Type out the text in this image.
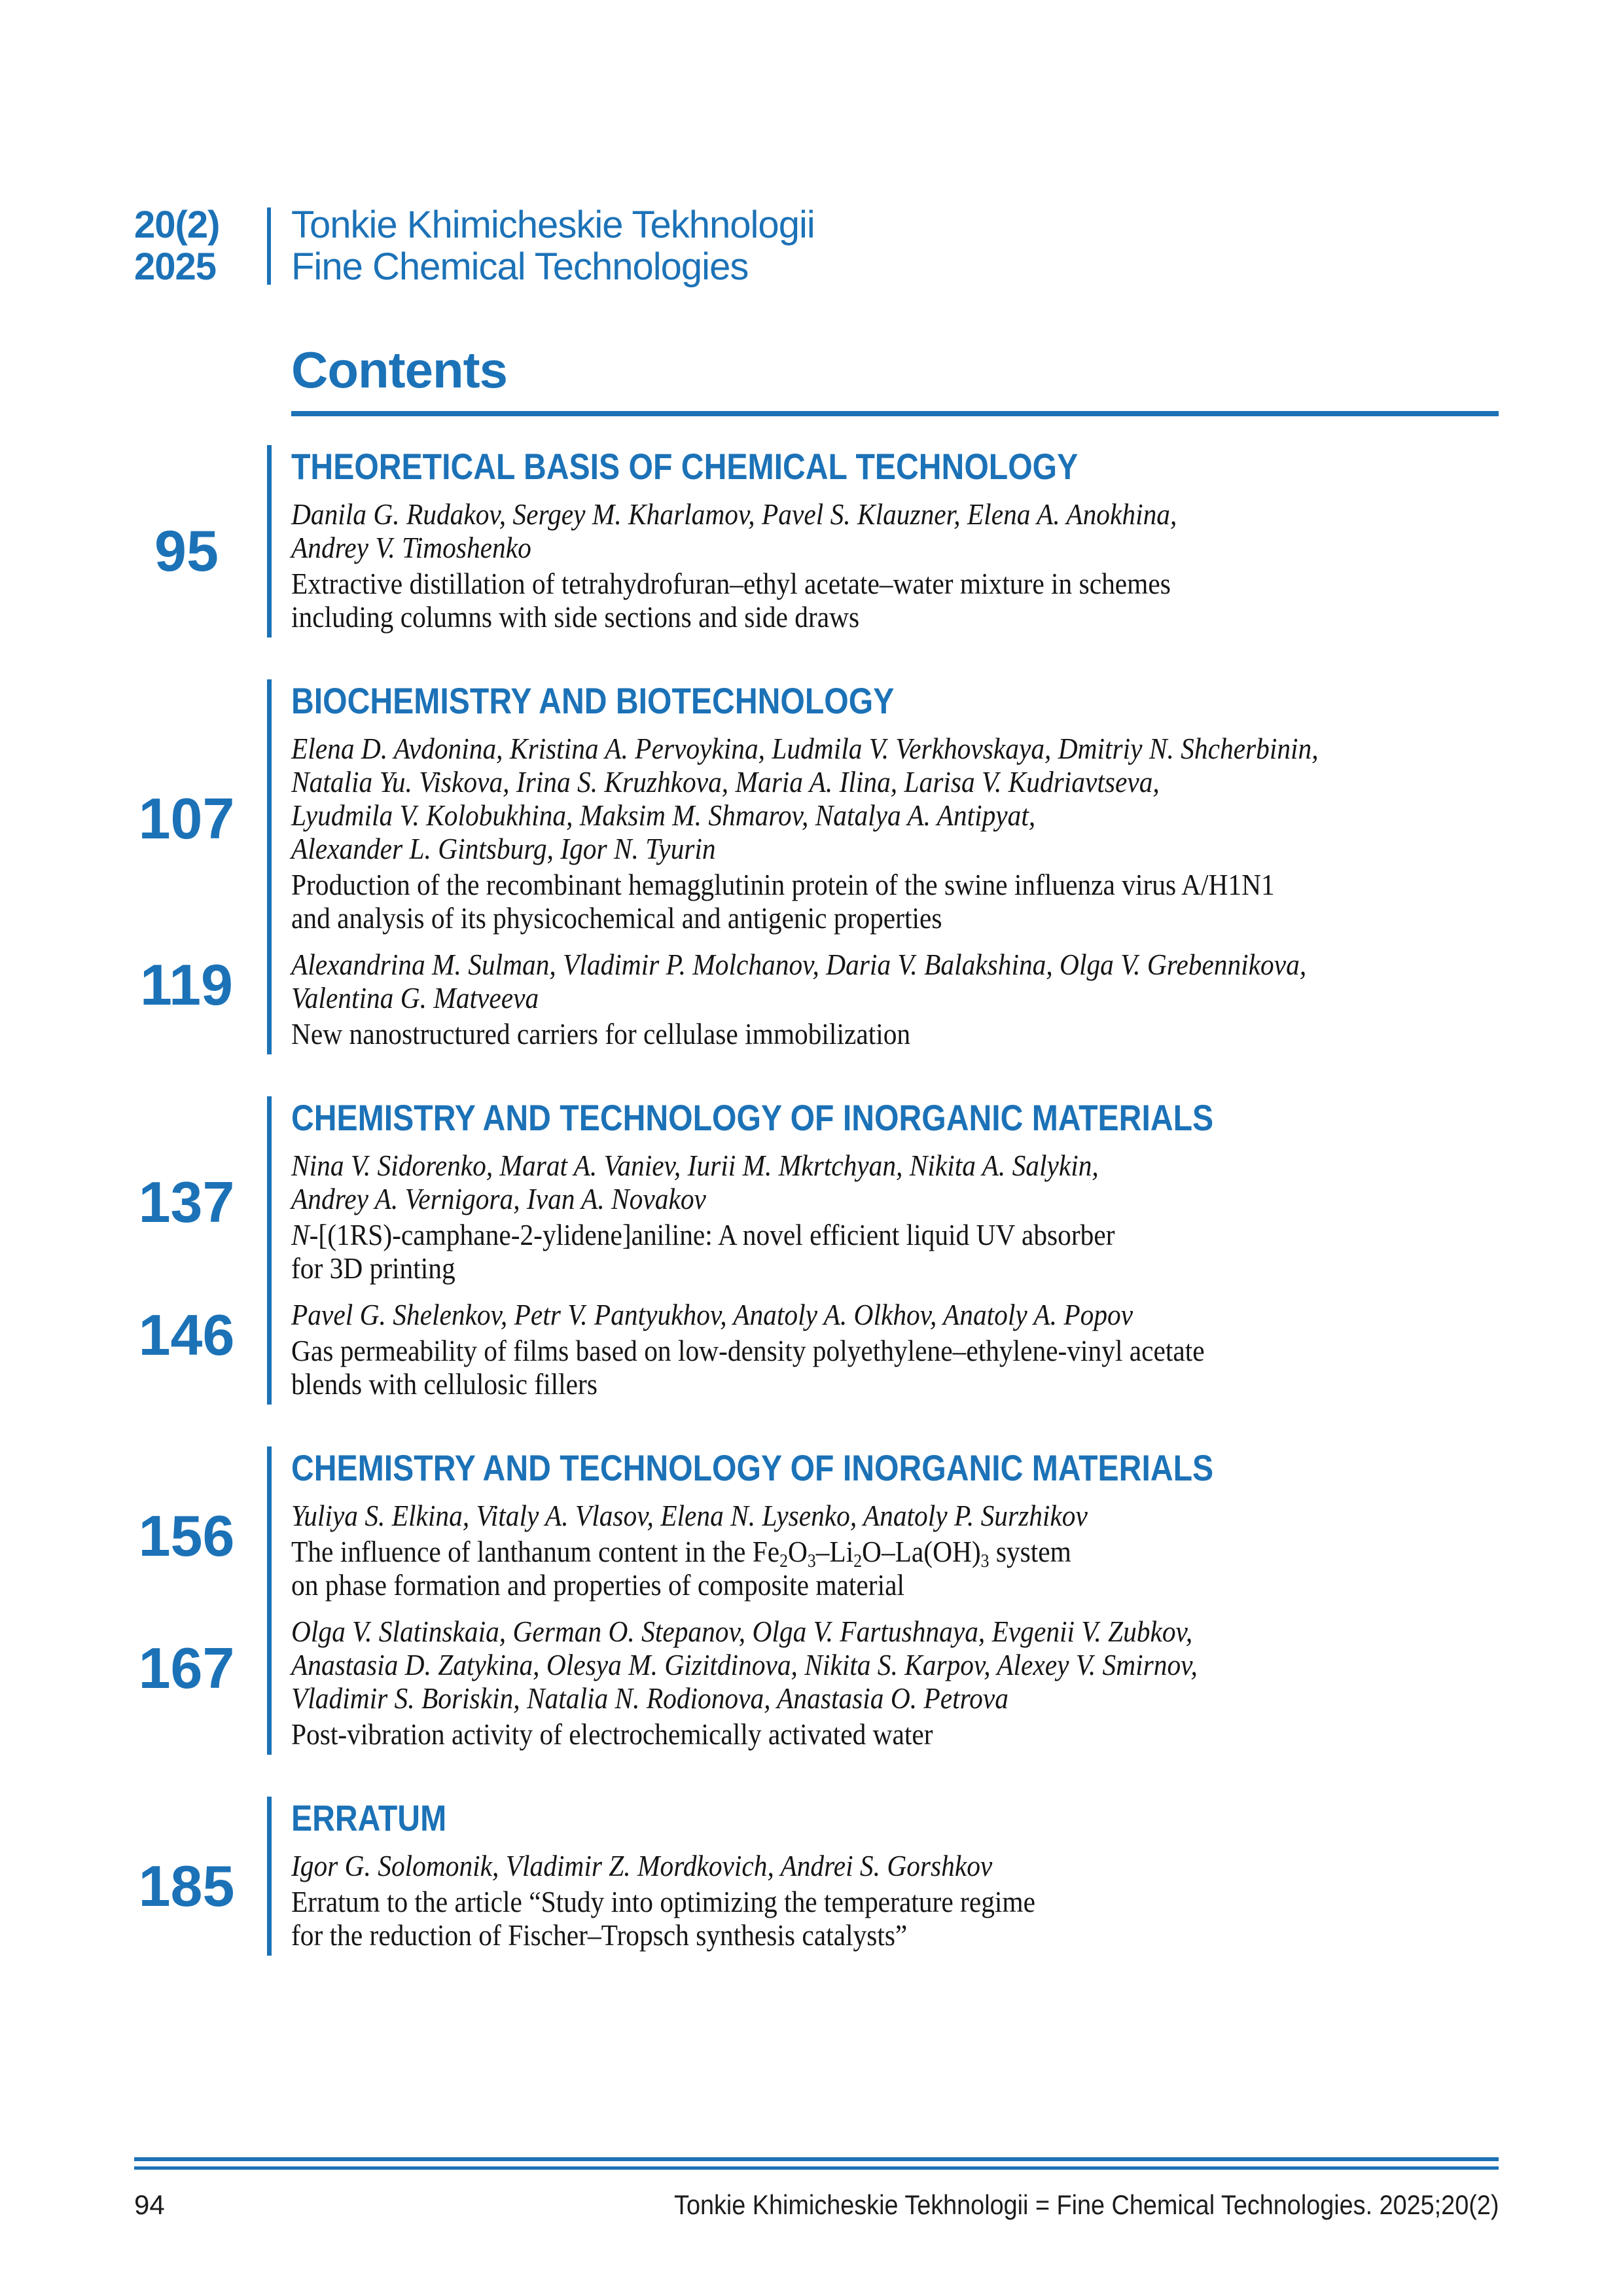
20(2)
2025
Tonkie Khimicheskie Tekhnologii
Fine Chemical Technologies
Contents
THEORETICAL BASIS OF CHEMICAL TECHNOLOGY
95
Danila G. Rudakov, Sergey M. Kharlamov, Pavel S. Klauzner, Elena A. Anokhina,
Andrey V. Timoshenko
Extractive distillation of tetrahydrofuran–ethyl acetate–water mixture in schemes
including columns with side sections and side draws
BIOCHEMISTRY AND BIOTECHNOLOGY
107
Elena D. Avdonina, Kristina A. Pervoykina, Ludmila V. Verkhovskaya, Dmitriy N. Shcherbinin,
Natalia Yu. Viskova, Irina S. Kruzhkova, Maria A. Ilina, Larisa V. Kudriavtseva,
Lyudmila V. Kolobukhina, Maksim M. Shmarov, Natalya A. Antipyat,
Alexander L. Gintsburg, Igor N. Tyurin
Production of the recombinant hemagglutinin protein of the swine influenza virus A/H1N1
and analysis of its physicochemical and antigenic properties
119 Alexandrina M. Sulman, Vladimir P. Molchanov, Daria V. Balakshina, Olga V. Grebennikova,
Valentina G. Matveeva
New nanostructured carriers for cellulase immobilization
CHEMISTRY AND TECHNOLOGY OF INORGANIC MATERIALS
137
Nina V. Sidorenko, Marat A. Vaniev, Iurii M. Mkrtchyan, Nikita A. Salykin,
Andrey A. Vernigora, Ivan A. Novakov
N-[(1RS)-camphane-2-ylidene]aniline: A novel efficient liquid UV absorber
for 3D printing
146 Pavel G. Shelenkov, Petr V. Pantyukhov, Anatoly A. Olkhov, Anatoly A. Popov
Gas permeability of films based on low-density polyethylene–ethylene-vinyl acetate
blends with cellulosic fillers
CHEMISTRY AND TECHNOLOGY OF INORGANIC MATERIALS
156 Yuliya S. Elkina, Vitaly A. Vlasov, Elena N. Lysenko, Anatoly P. Surzhikov
The influence of lanthanum content in the $Fe_2O_3-Li_2O-La(OH)_3$ system
on phase formation and properties of composite material
167
Olga V. Slatinskaia, German O. Stepanov, Olga V. Fartushnaya, Evgenii V. Zubkov,
Anastasia D. Zatykina, Olesya M. Gizitdinova, Nikita S. Karpov, Alexey V. Smirnov,
Vladimir S. Boriskin, Natalia N. Rodionova, Anastasia O. Petrova
Post-vibration activity of electrochemically activated water
ERRATUM
185 Igor G. Solomonik, Vladimir Z. Mordkovich, Andrei S. Gorshkov
Erratum to the article “Study into optimizing the temperature regime
for the reduction of Fischer–Tropsch synthesis catalysts”
94	Tonkie Khimicheskie Tekhnologii = Fine Chemical Technologies. 2025;20(2)
